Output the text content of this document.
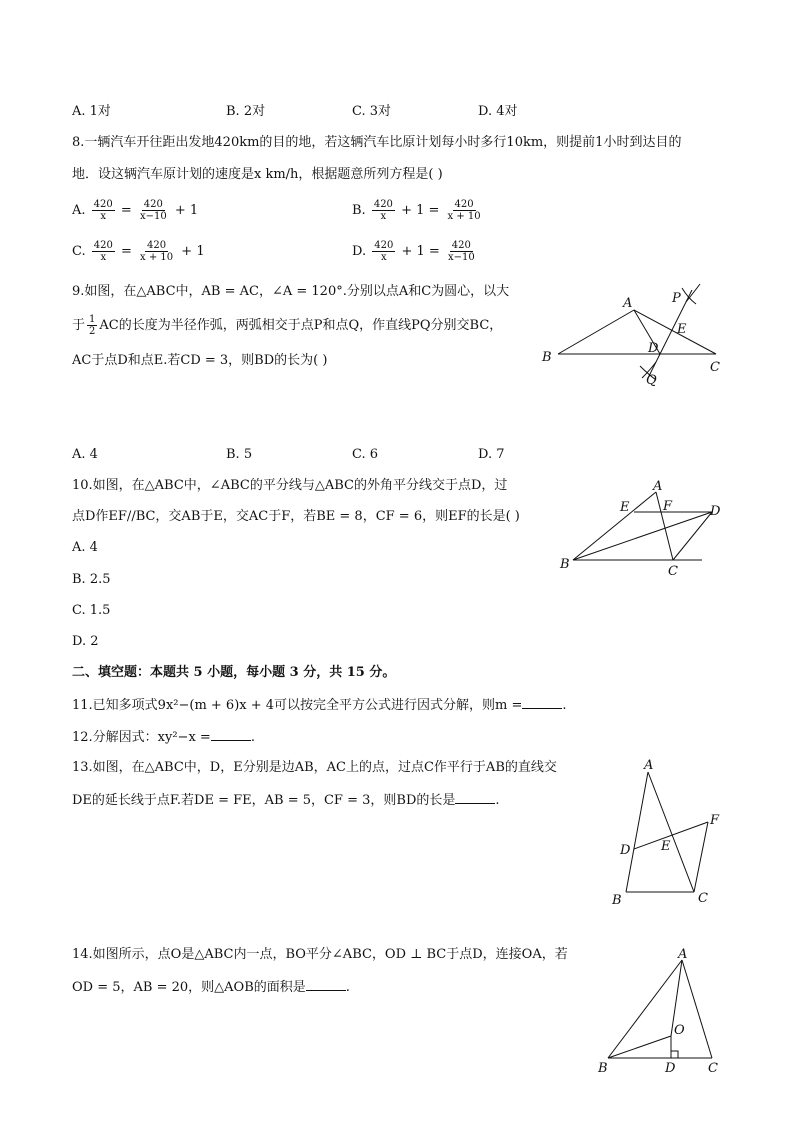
A. 1对	B. 2对	C. 3对	D. 4对
8.一辆汽车开往距出发地420km的目的地，若这辆汽车比原计划每小时多行10km，则提前1小时到达目的
地．设这辆汽车原计划的速度是x km/h，根据题意所列方程是( )
A. $\frac{420}{x} = \frac{420}{x-10} + 1$	B. $\frac{420}{x} + 1 = \frac{420}{x + 10}$
C. $\frac{420}{x} = \frac{420}{x + 10} + 1$	D. $\frac{420}{x} + 1 = \frac{420}{x-10}$
9.如图，在△ABC中，AB = AC，∠A = 120°.分别以点A和C为圆心，以大
于 $\frac{1}{2}$ AC的长度为半径作弧，两弧相交于点P和点Q，作直线PQ分别交BC，
AC于点D和点E.若CD = 3，则BD的长为( )
A
B
C
D
E
P
Q
A. 4	B. 5	C. 6	D. 7
10.如图，在△ABC中，∠ABC的平分线与△ABC的外角平分线交于点D，过
点D作EF//BC，交AB于E，交AC于F，若BE = 8，CF = 6，则EF的长是( )
A. 4
B. 2.5
C. 1.5
D. 2
A
B	C
D
E	F
二、填空题：本题共 5 小题，每小题 3 分，共 15 分。
11.已知多项式9x²−(m + 6)x + 4可以按完全平方公式进行因式分解，则m =	.
12.分解因式：xy²−x =	.
13.如图，在△ABC中，D，E分别是边AB，AC上的点，过点C作平行于AB的直线交
DE的延长线于点F.若DE = FE，AB = 5，CF = 3，则BD的长是	.
A
B	C
D E
F
14.如图所示，点O是△ABC内一点，BO平分∠ABC，OD ⊥ BC于点D，连接OA，若
OD = 5，AB = 20，则△AOB的面积是	.
A
B	C
D
O
